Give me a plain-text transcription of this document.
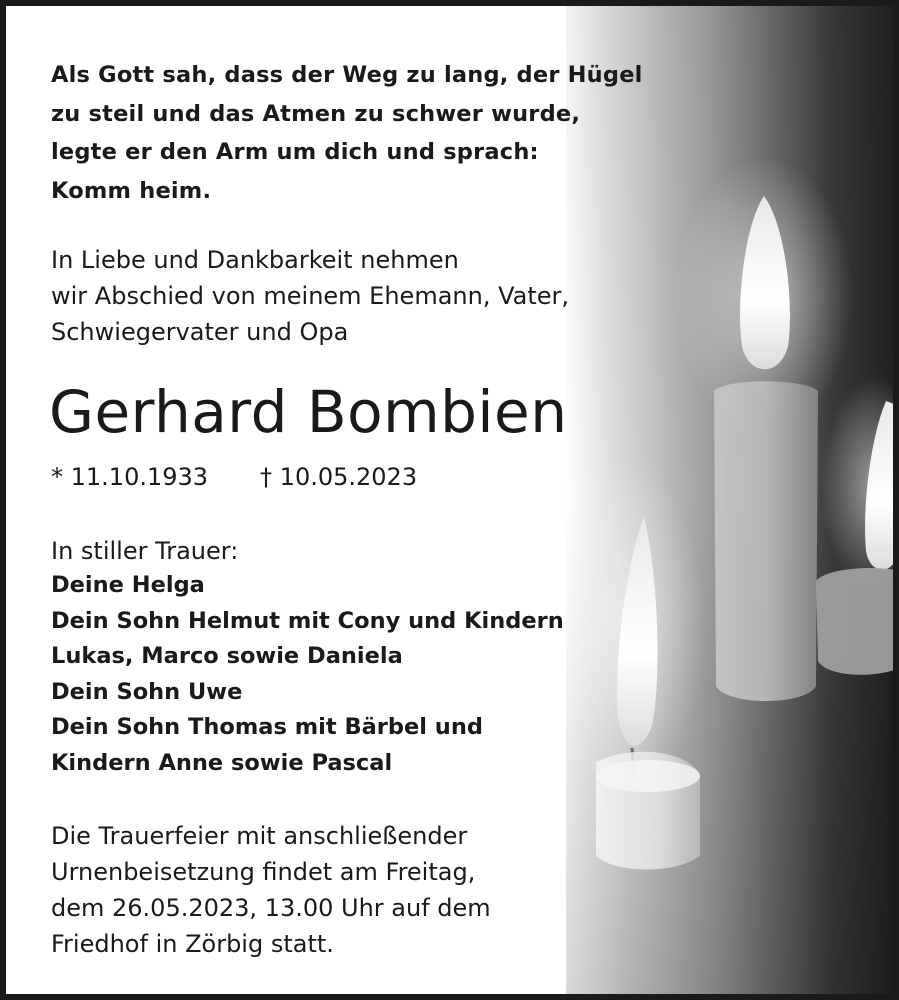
Als Gott sah, dass der Weg zu lang, der Hügel
zu steil und das Atmen zu schwer wurde,
legte er den Arm um dich und sprach:
Komm heim.
In Liebe und Dankbarkeit nehmen
wir Abschied von meinem Ehemann, Vater,
Schwiegervater und Opa
Gerhard Bombien
* 11.10.1933 † 10.05.2023
In stiller Trauer:
Deine Helga
Dein Sohn Helmut mit Cony und Kindern
Lukas, Marco sowie Daniela
Dein Sohn Uwe
Dein Sohn Thomas mit Bärbel und
Kindern Anne sowie Pascal
Die Trauerfeier mit anschließender
Urnenbeisetzung findet am Freitag,
dem 26.05.2023, 13.00 Uhr auf dem
Friedhof in Zörbig statt.
